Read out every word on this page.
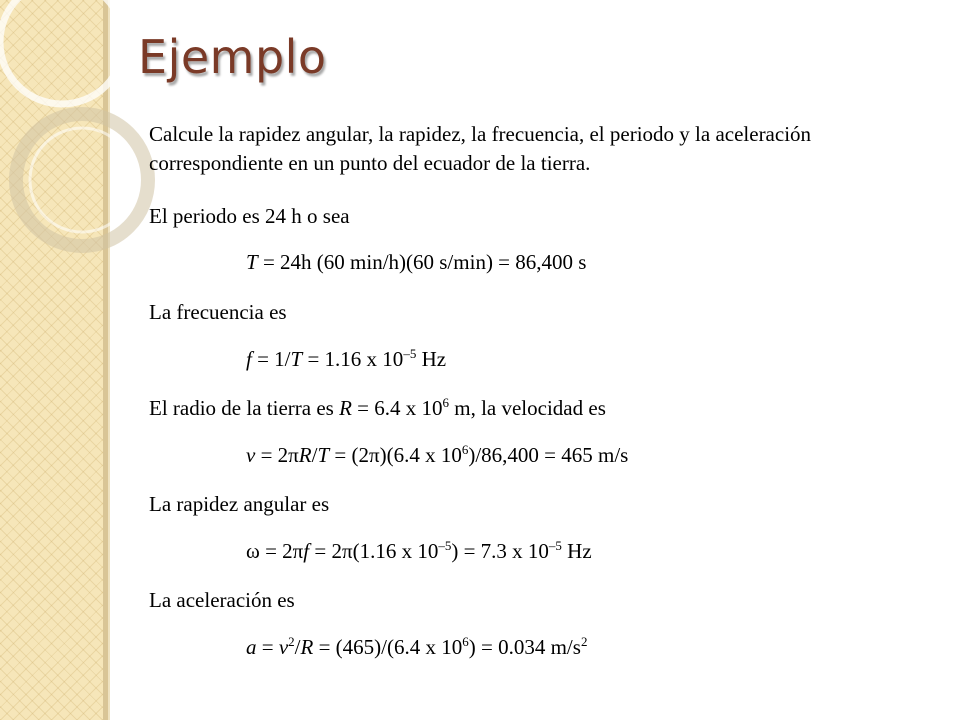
Ejemplo

Calcule la rapidez angular, la rapidez, la frecuencia, el periodo y la aceleración correspondiente en un punto del ecuador de la tierra.

El periodo es 24 h o sea
T = 24h (60 min/h)(60 s/min) = 86,400 s
La frecuencia es
f = 1/T = 1.16 x $10^{-5}$ Hz
El radio de la tierra es R = 6.4 x $10^6$ m, la velocidad es
v = 2πR/T = (2π)(6.4 x $10^6)/86,400 = 465$ m/s
La rapidez angular es
ω = 2πf = 2π(1.16 x $10^{-5}) = 7.3$ x $10^{-5}$ Hz
La aceleración es
$a = v^2/R = (465)/(6.4$ x $10^6) = 0.034$ $m/s^2$
